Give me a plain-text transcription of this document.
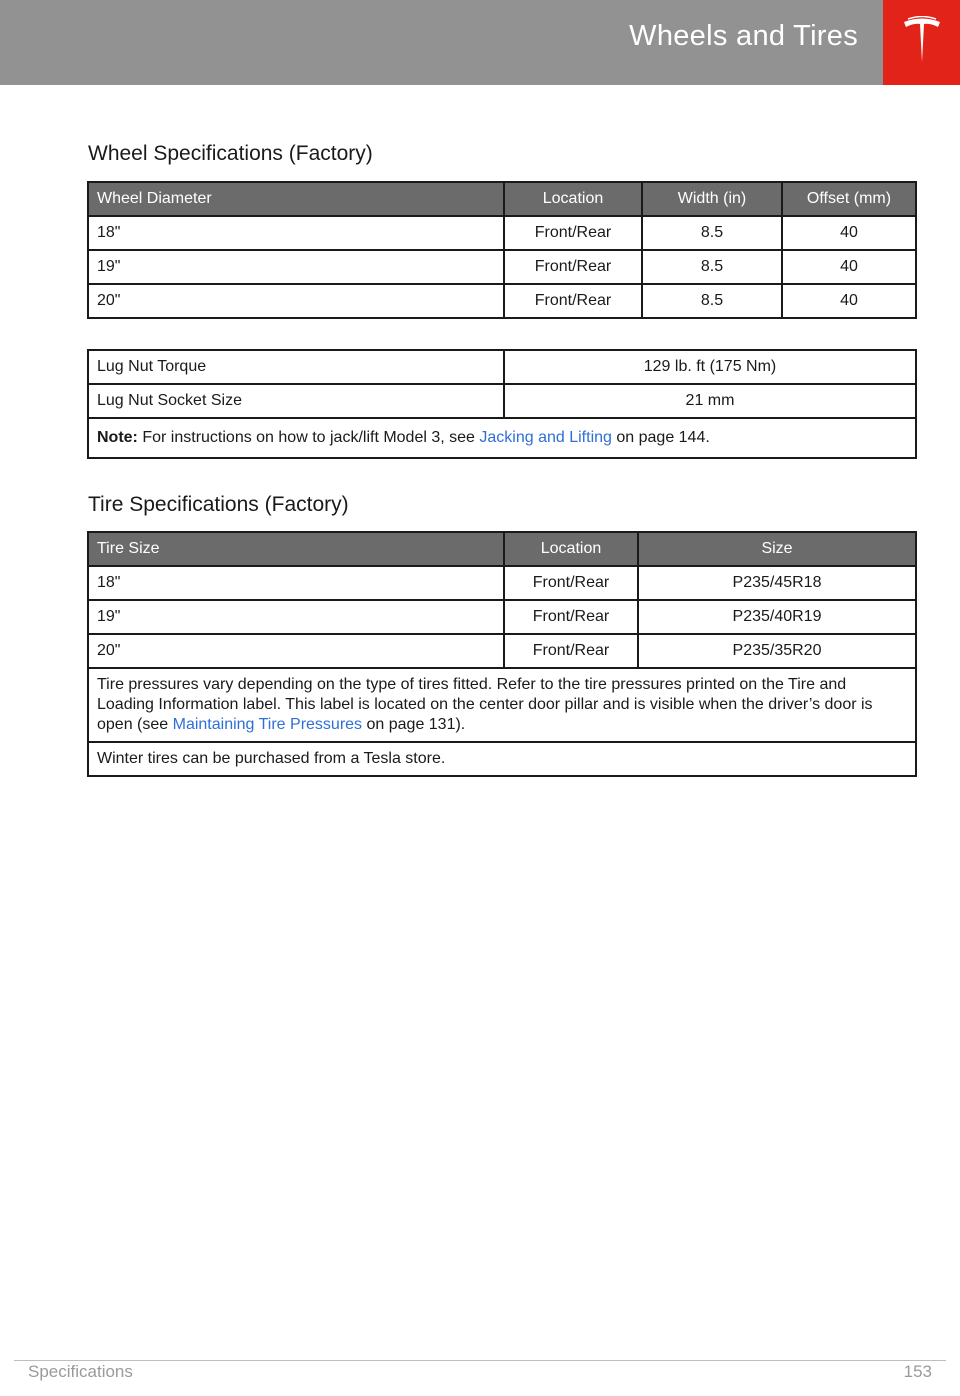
Wheels and Tires
Wheel Specifications (Factory)
Wheel Diameter	Location	Width (in)	Offset (mm)
18"	Front/Rear	8.5	40
19"	Front/Rear	8.5	40
20"	Front/Rear	8.5	40
Lug Nut Torque	129 lb. ft (175 Nm)
Lug Nut Socket Size	21 mm
Note: For instructions on how to jack/lift Model 3, see Jacking and Lifting on page 144.	
Tire Specifications (Factory)
Tire Size	Location	Size
18"	Front/Rear	P235/45R18
19"	Front/Rear	P235/40R19
20"	Front/Rear	P235/35R20
Tire pressures vary depending on the type of tires fitted. Refer to the tire pressures printed on the Tire and Loading Information label. This label is located on the center door pillar and is visible when the driver’s door is open (see Maintaining Tire Pressures on page 131).		
Winter tires can be purchased from a Tesla store.		
Specifications	153
